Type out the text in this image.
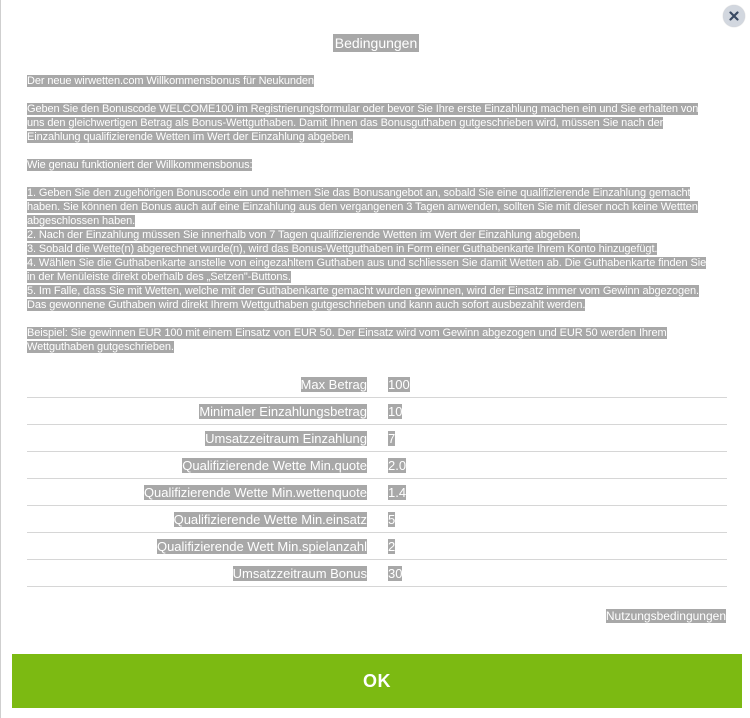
Bedingungen

Der neue wirwetten.com Willkommensbonus für Neukunden

Geben Sie den Bonuscode WELCOME100 im Registrierungsformular oder bevor Sie Ihre erste Einzahlung machen ein und Sie erhalten von uns den gleichwertigen Betrag als Bonus-Wettguthaben. Damit Ihnen das Bonusguthaben gutgeschrieben wird, müssen Sie nach der Einzahlung qualifizierende Wetten im Wert der Einzahlung abgeben.

Wie genau funktioniert der Willkommensbonus:

1. Geben Sie den zugehörigen Bonuscode ein und nehmen Sie das Bonusangebot an, sobald Sie eine qualifizierende Einzahlung gemacht haben. Sie können den Bonus auch auf eine Einzahlung aus den vergangenen 3 Tagen anwenden, sollten Sie mit dieser noch keine Wettten abgeschlossen haben.

2. Nach der Einzahlung müssen Sie innerhalb von 7 Tagen qualifizierende Wetten im Wert der Einzahlung abgeben.

3. Sobald die Wette(n) abgerechnet wurde(n), wird das Bonus-Wettguthaben in Form einer Guthabenkarte Ihrem Konto hinzugefügt.

4. Wählen Sie die Guthabenkarte anstelle von eingezahltem Guthaben aus und schliessen Sie damit Wetten ab. Die Guthabenkarte finden Sie in der Menüleiste direkt oberhalb des „Setzen"-Buttons.

5. Im Falle, dass Sie mit Wetten, welche mit der Guthabenkarte gemacht wurden gewinnen, wird der Einsatz immer vom Gewinn abgezogen. Das gewonnene Guthaben wird direkt Ihrem Wettguthaben gutgeschrieben und kann auch sofort ausbezahlt werden.

Beispiel: Sie gewinnen EUR 100 mit einem Einsatz von EUR 50. Der Einsatz wird vom Gewinn abgezogen und EUR 50 werden Ihrem Wettguthaben gutgeschrieben.

Max Betrag 100
Minimaler Einzahlungsbetrag 10
Umsatzzeitraum Einzahlung 7
Qualifizierende Wette Min.quote 2.0
Qualifizierende Wette Min.wettenquote 1.4
Qualifizierende Wette Min.einsatz 5
Qualifizierende Wett Min.spielanzahl 2
Umsatzzeitraum Bonus 30
Nutzungsbedingungen
OK
